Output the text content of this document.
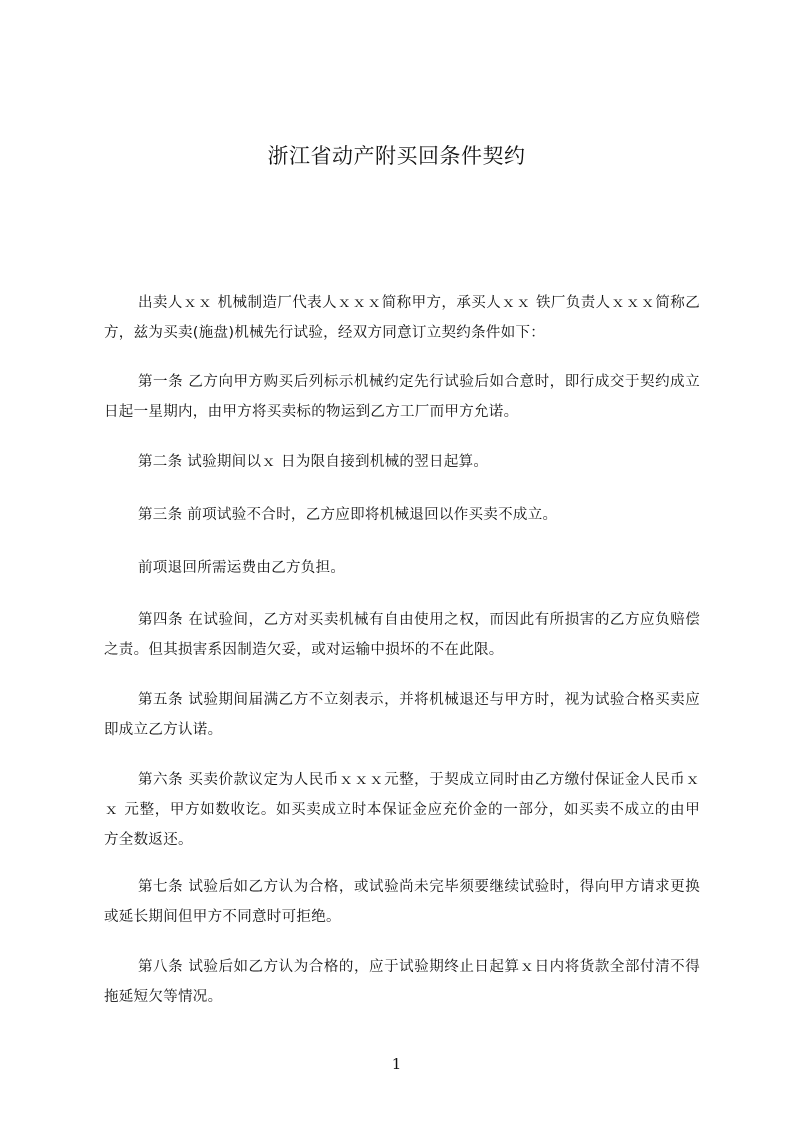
浙江省动产附买回条件契约

出卖人ｘｘ 机械制造厂代表人ｘｘｘ简称甲方，承买人ｘｘ 铁厂负责人ｘｘｘ简称乙方，兹为买卖(施盘)机械先行试验，经双方同意订立契约条件如下：

第一条 乙方向甲方购买后列标示机械约定先行试验后如合意时，即行成交于契约成立日起一星期内，由甲方将买卖标的物运到乙方工厂而甲方允诺。

第二条 试验期间以ｘ 日为限自接到机械的翌日起算。

第三条 前项试验不合时，乙方应即将机械退回以作买卖不成立。

前项退回所需运费由乙方负担。

第四条 在试验间，乙方对买卖机械有自由使用之权，而因此有所损害的乙方应负赔偿之责。但其损害系因制造欠妥，或对运输中损坏的不在此限。

第五条 试验期间届满乙方不立刻表示，并将机械退还与甲方时，视为试验合格买卖应即成立乙方认诺。

第六条 买卖价款议定为人民币ｘｘｘ元整，于契成立同时由乙方缴付保证金人民币ｘｘ 元整，甲方如数收讫。如买卖成立时本保证金应充价金的一部分，如买卖不成立的由甲方全数返还。

第七条 试验后如乙方认为合格，或试验尚未完毕须要继续试验时，得向甲方请求更换或延长期间但甲方不同意时可拒绝。

第八条 试验后如乙方认为合格的，应于试验期终止日起算ｘ日内将货款全部付清不得拖延短欠等情况。

1
